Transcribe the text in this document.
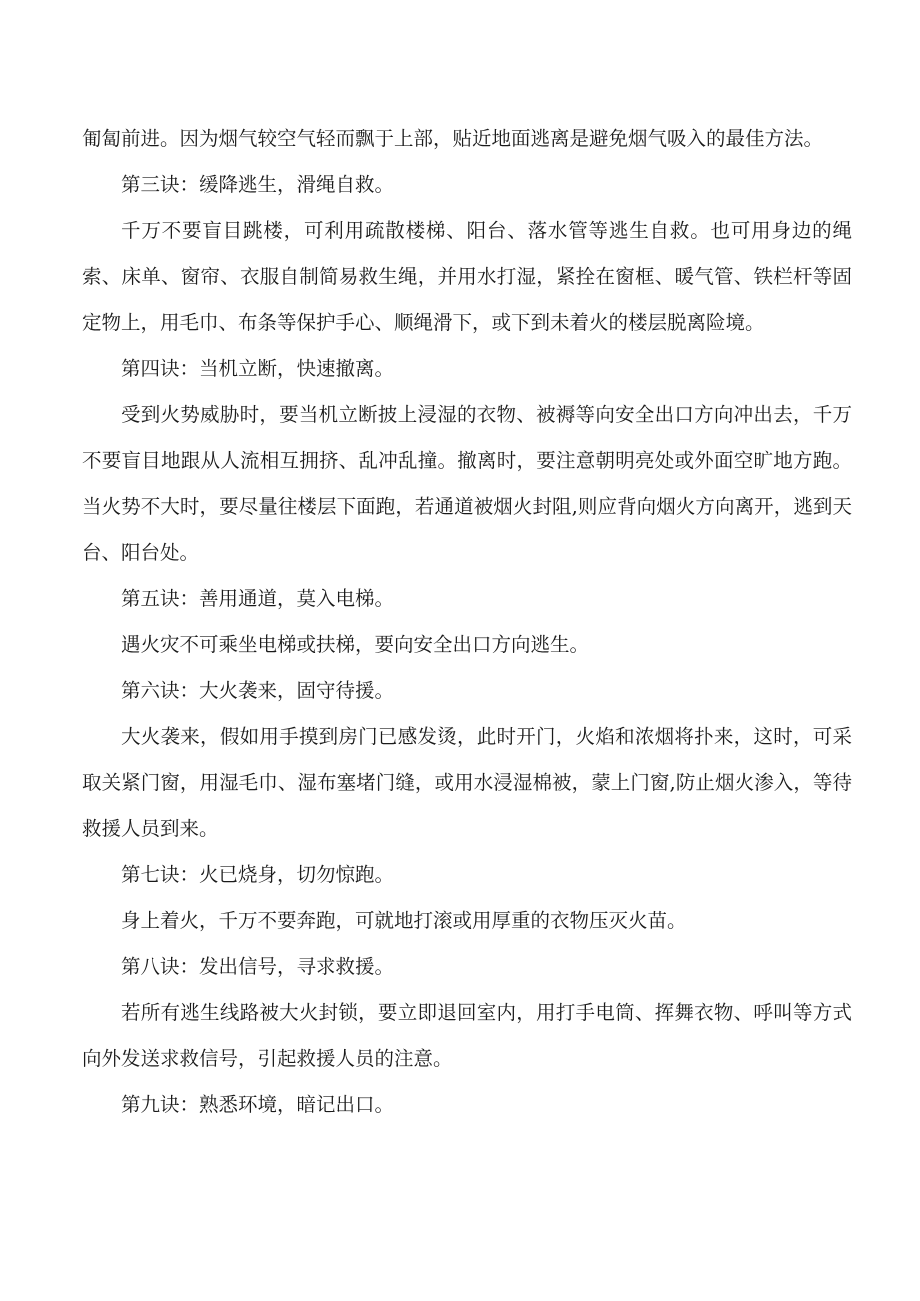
匍匐前进。因为烟气较空气轻而飘于上部，贴近地面逃离是避免烟气吸入的最佳方法。

第三诀：缓降逃生，滑绳自救。

千万不要盲目跳楼，可利用疏散楼梯、阳台、落水管等逃生自救。也可用身边的绳索、床单、窗帘、衣服自制简易救生绳，并用水打湿，紧拴在窗框、暖气管、铁栏杆等固定物上，用毛巾、布条等保护手心、顺绳滑下，或下到未着火的楼层脱离险境。

第四诀：当机立断，快速撤离。

受到火势威胁时，要当机立断披上浸湿的衣物、被褥等向安全出口方向冲出去，千万不要盲目地跟从人流相互拥挤、乱冲乱撞。撤离时，要注意朝明亮处或外面空旷地方跑。当火势不大时，要尽量往楼层下面跑，若通道被烟火封阻,则应背向烟火方向离开，逃到天台、阳台处。

第五诀：善用通道，莫入电梯。

遇火灾不可乘坐电梯或扶梯，要向安全出口方向逃生。

第六诀：大火袭来，固守待援。

大火袭来，假如用手摸到房门已感发烫，此时开门，火焰和浓烟将扑来，这时，可采取关紧门窗，用湿毛巾、湿布塞堵门缝，或用水浸湿棉被，蒙上门窗,防止烟火渗入，等待救援人员到来。

第七诀：火已烧身，切勿惊跑。

身上着火，千万不要奔跑，可就地打滚或用厚重的衣物压灭火苗。

第八诀：发出信号，寻求救援。

若所有逃生线路被大火封锁，要立即退回室内，用打手电筒、挥舞衣物、呼叫等方式向外发送求救信号，引起救援人员的注意。

第九诀：熟悉环境，暗记出口。
